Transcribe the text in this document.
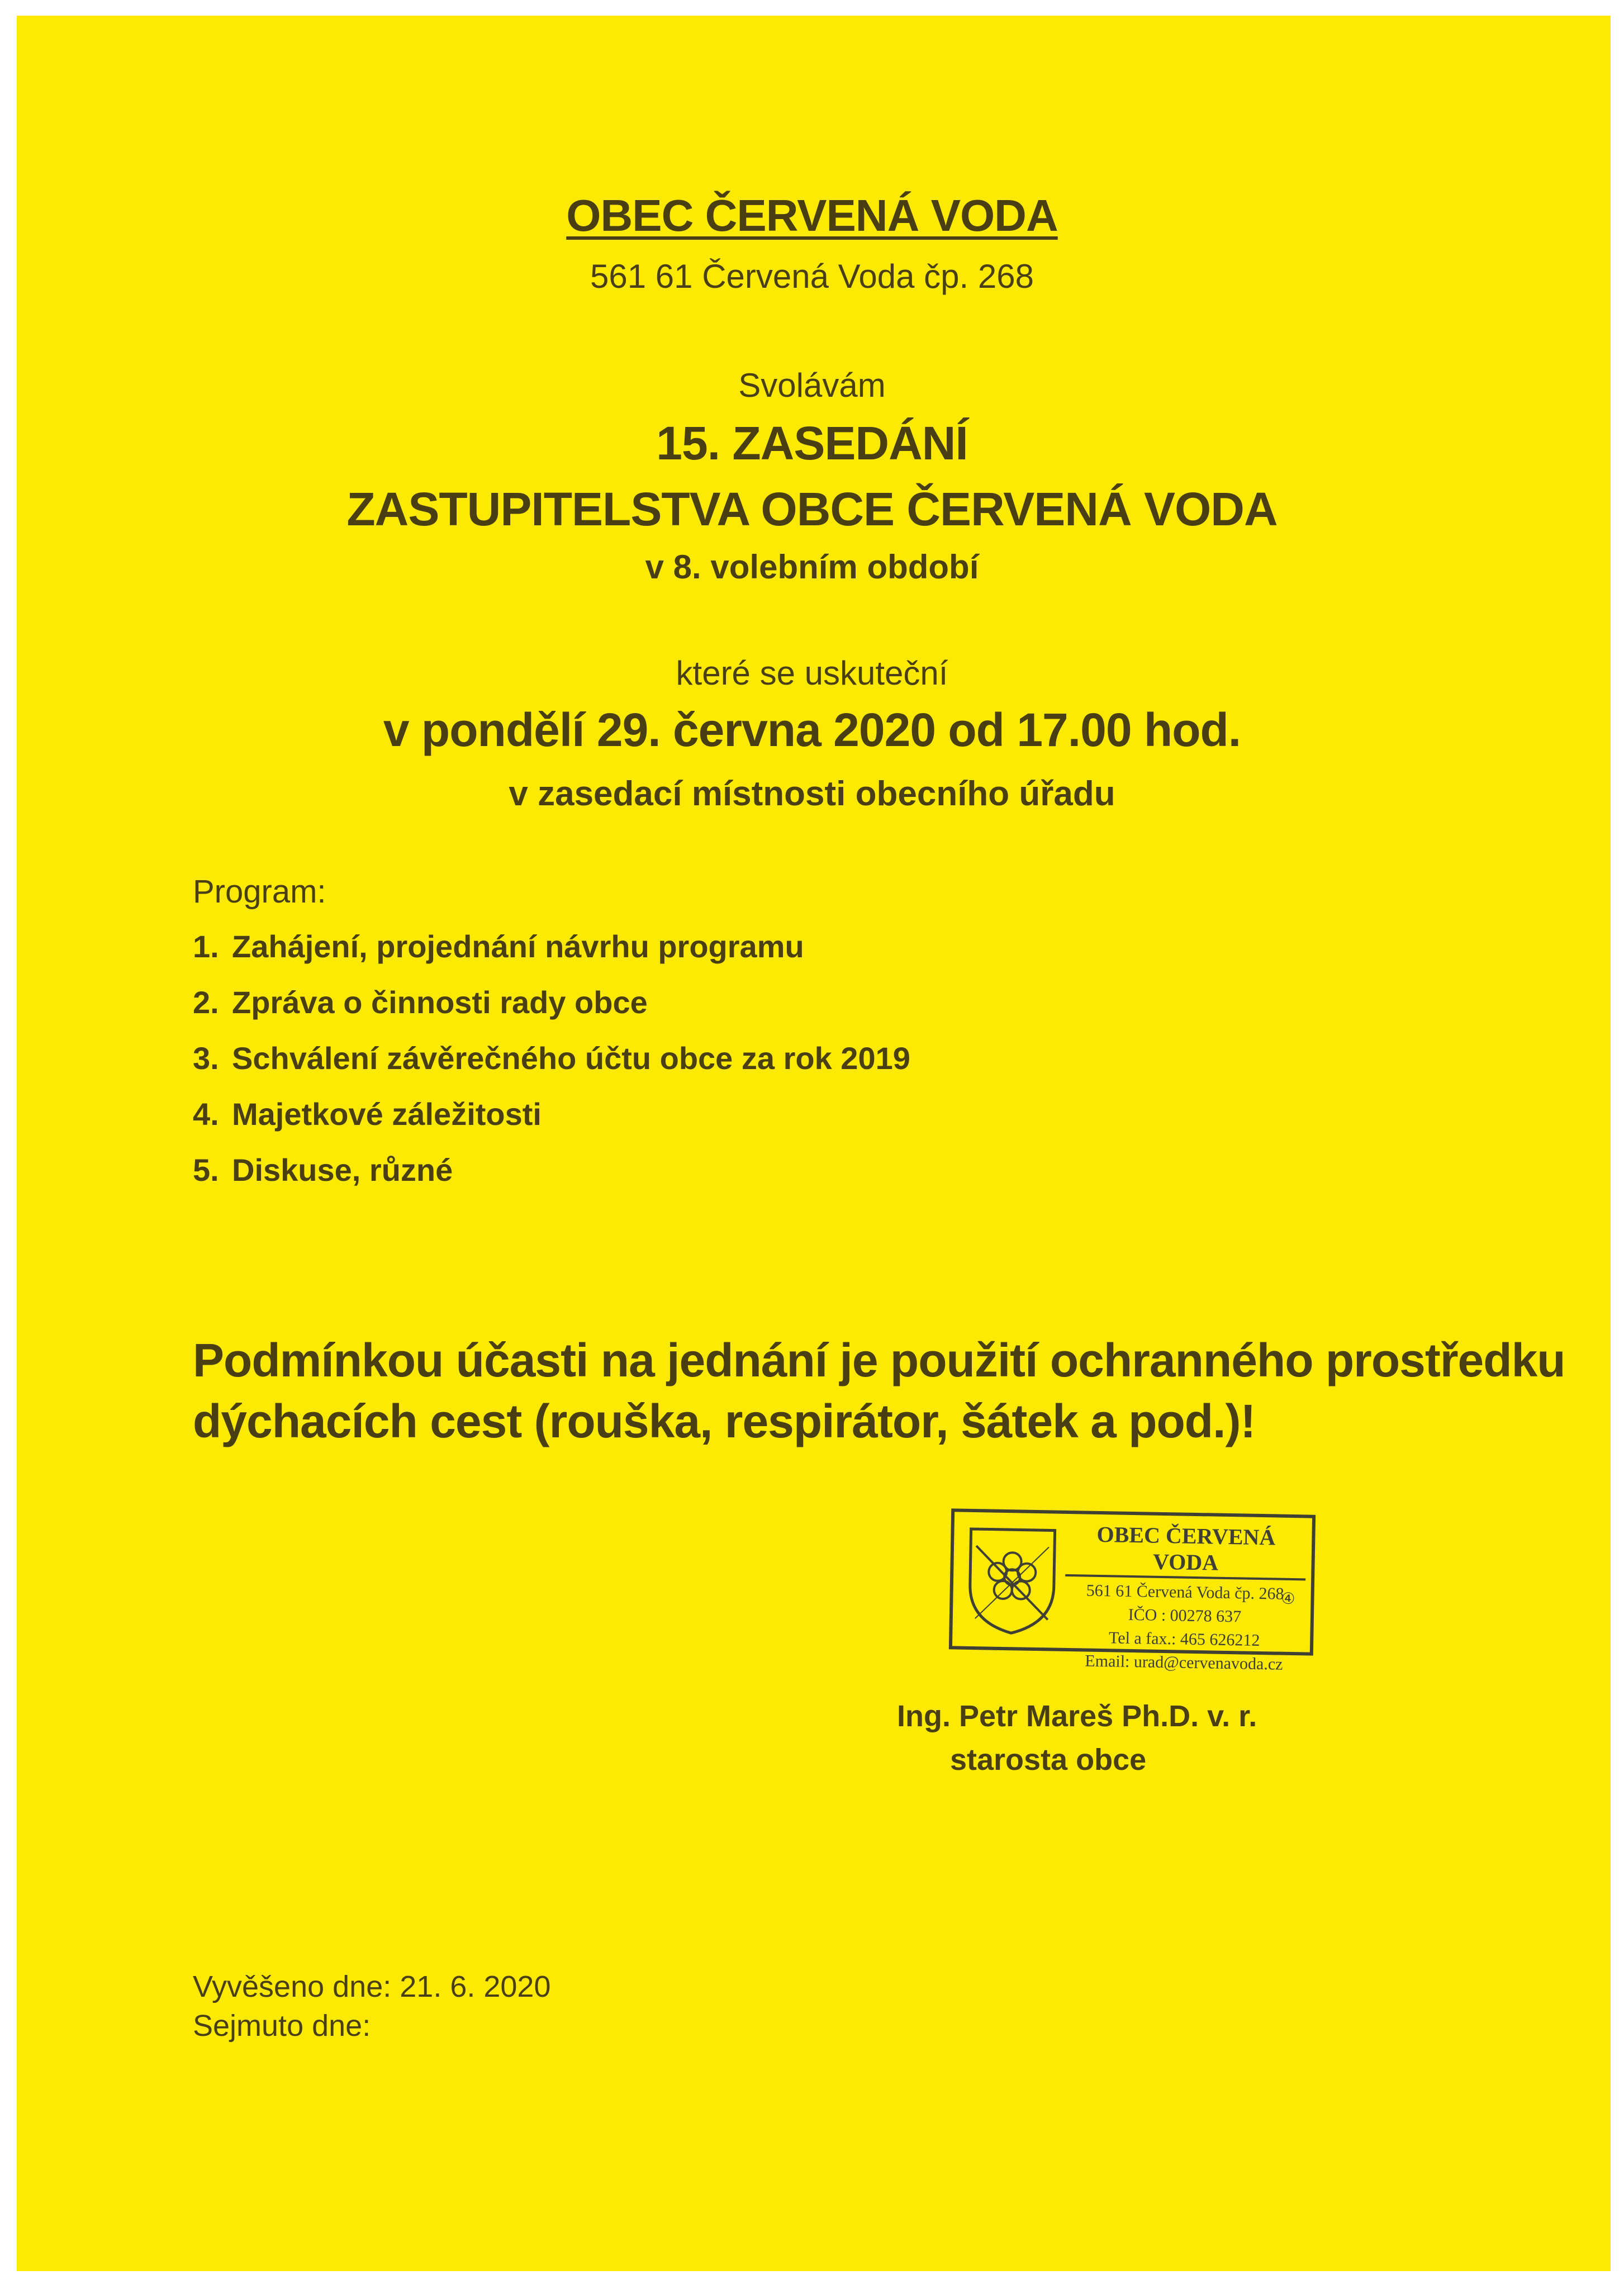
OBEC ČERVENÁ VODA
561 61 Červená Voda čp. 268
Svolávám
15. ZASEDÁNÍ
ZASTUPITELSTVA OBCE ČERVENÁ VODA
v 8. volebním období
které se uskuteční
v pondělí 29. června 2020 od 17.00 hod.
v zasedací místnosti obecního úřadu
Program:
1. Zahájení, projednání návrhu programu
2. Zpráva o činnosti rady obce
3. Schválení závěrečného účtu obce za rok 2019
4. Majetkové záležitosti
5. Diskuse, různé
Podmínkou účasti na jednání je použití ochranného prostředku
dýchacích cest (rouška, respirátor, šátek a pod.)!
OBEC ČERVENÁ VODA
561 61 Červená Voda čp. 268
IČO : 00278 637
Tel a fax.: 465 626212
Email: urad@cervenavoda.cz
④
Ing. Petr Mareš Ph.D. v. r.
starosta obce
Vyvěšeno dne: 21. 6. 2020
Sejmuto dne:
